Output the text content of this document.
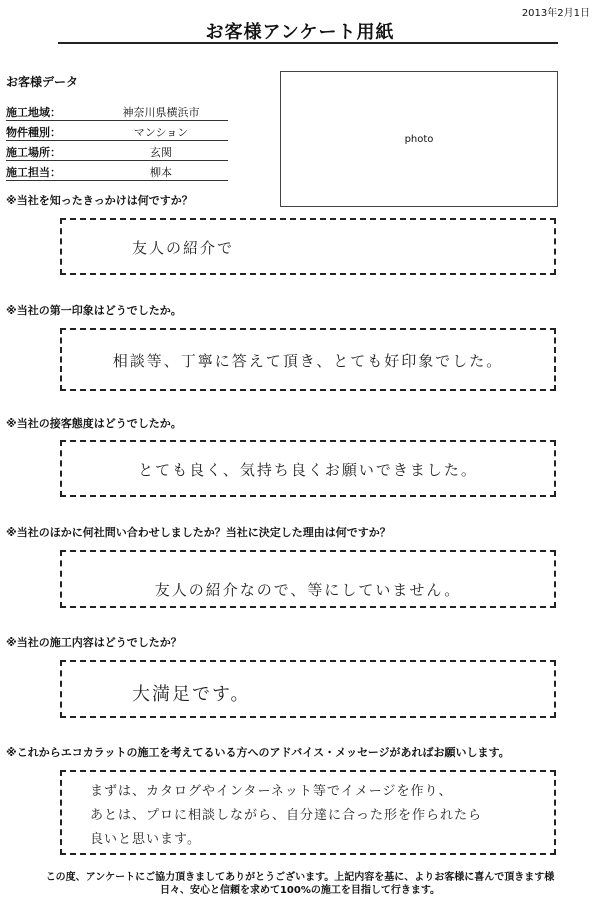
2013年2月1日
お客様アンケート用紙
お客様データ
施工地域：	神奈川県横浜市
物件種別：	マンション
施工場所：	玄関
施工担当：	柳本
photo
※当社を知ったきっかけは何ですか？
友人の紹介で
※当社の第一印象はどうでしたか。
相談等、丁寧に答えて頂き、とても好印象でした。
※当社の接客態度はどうでしたか。
とても良く、気持ち良くお願いできました。
※当社のほかに何社問い合わせしましたか？当社に決定した理由は何ですか？
友人の紹介なので、等にしていません。
※当社の施工内容はどうでしたか？
大満足です。
※これからエコカラットの施工を考えてるいる方へのアドバイス・メッセージがあればお願いします。
まずは、カタログやインターネット等でイメージを作り、
あとは、プロに相談しながら、自分達に合った形を作られたら
良いと思います。
この度、アンケートにご協力頂きましてありがとうございます。上記内容を基に、よりお客様に喜んで頂きます様
日々、安心と信頼を求めて100%の施工を目指して行きます。
